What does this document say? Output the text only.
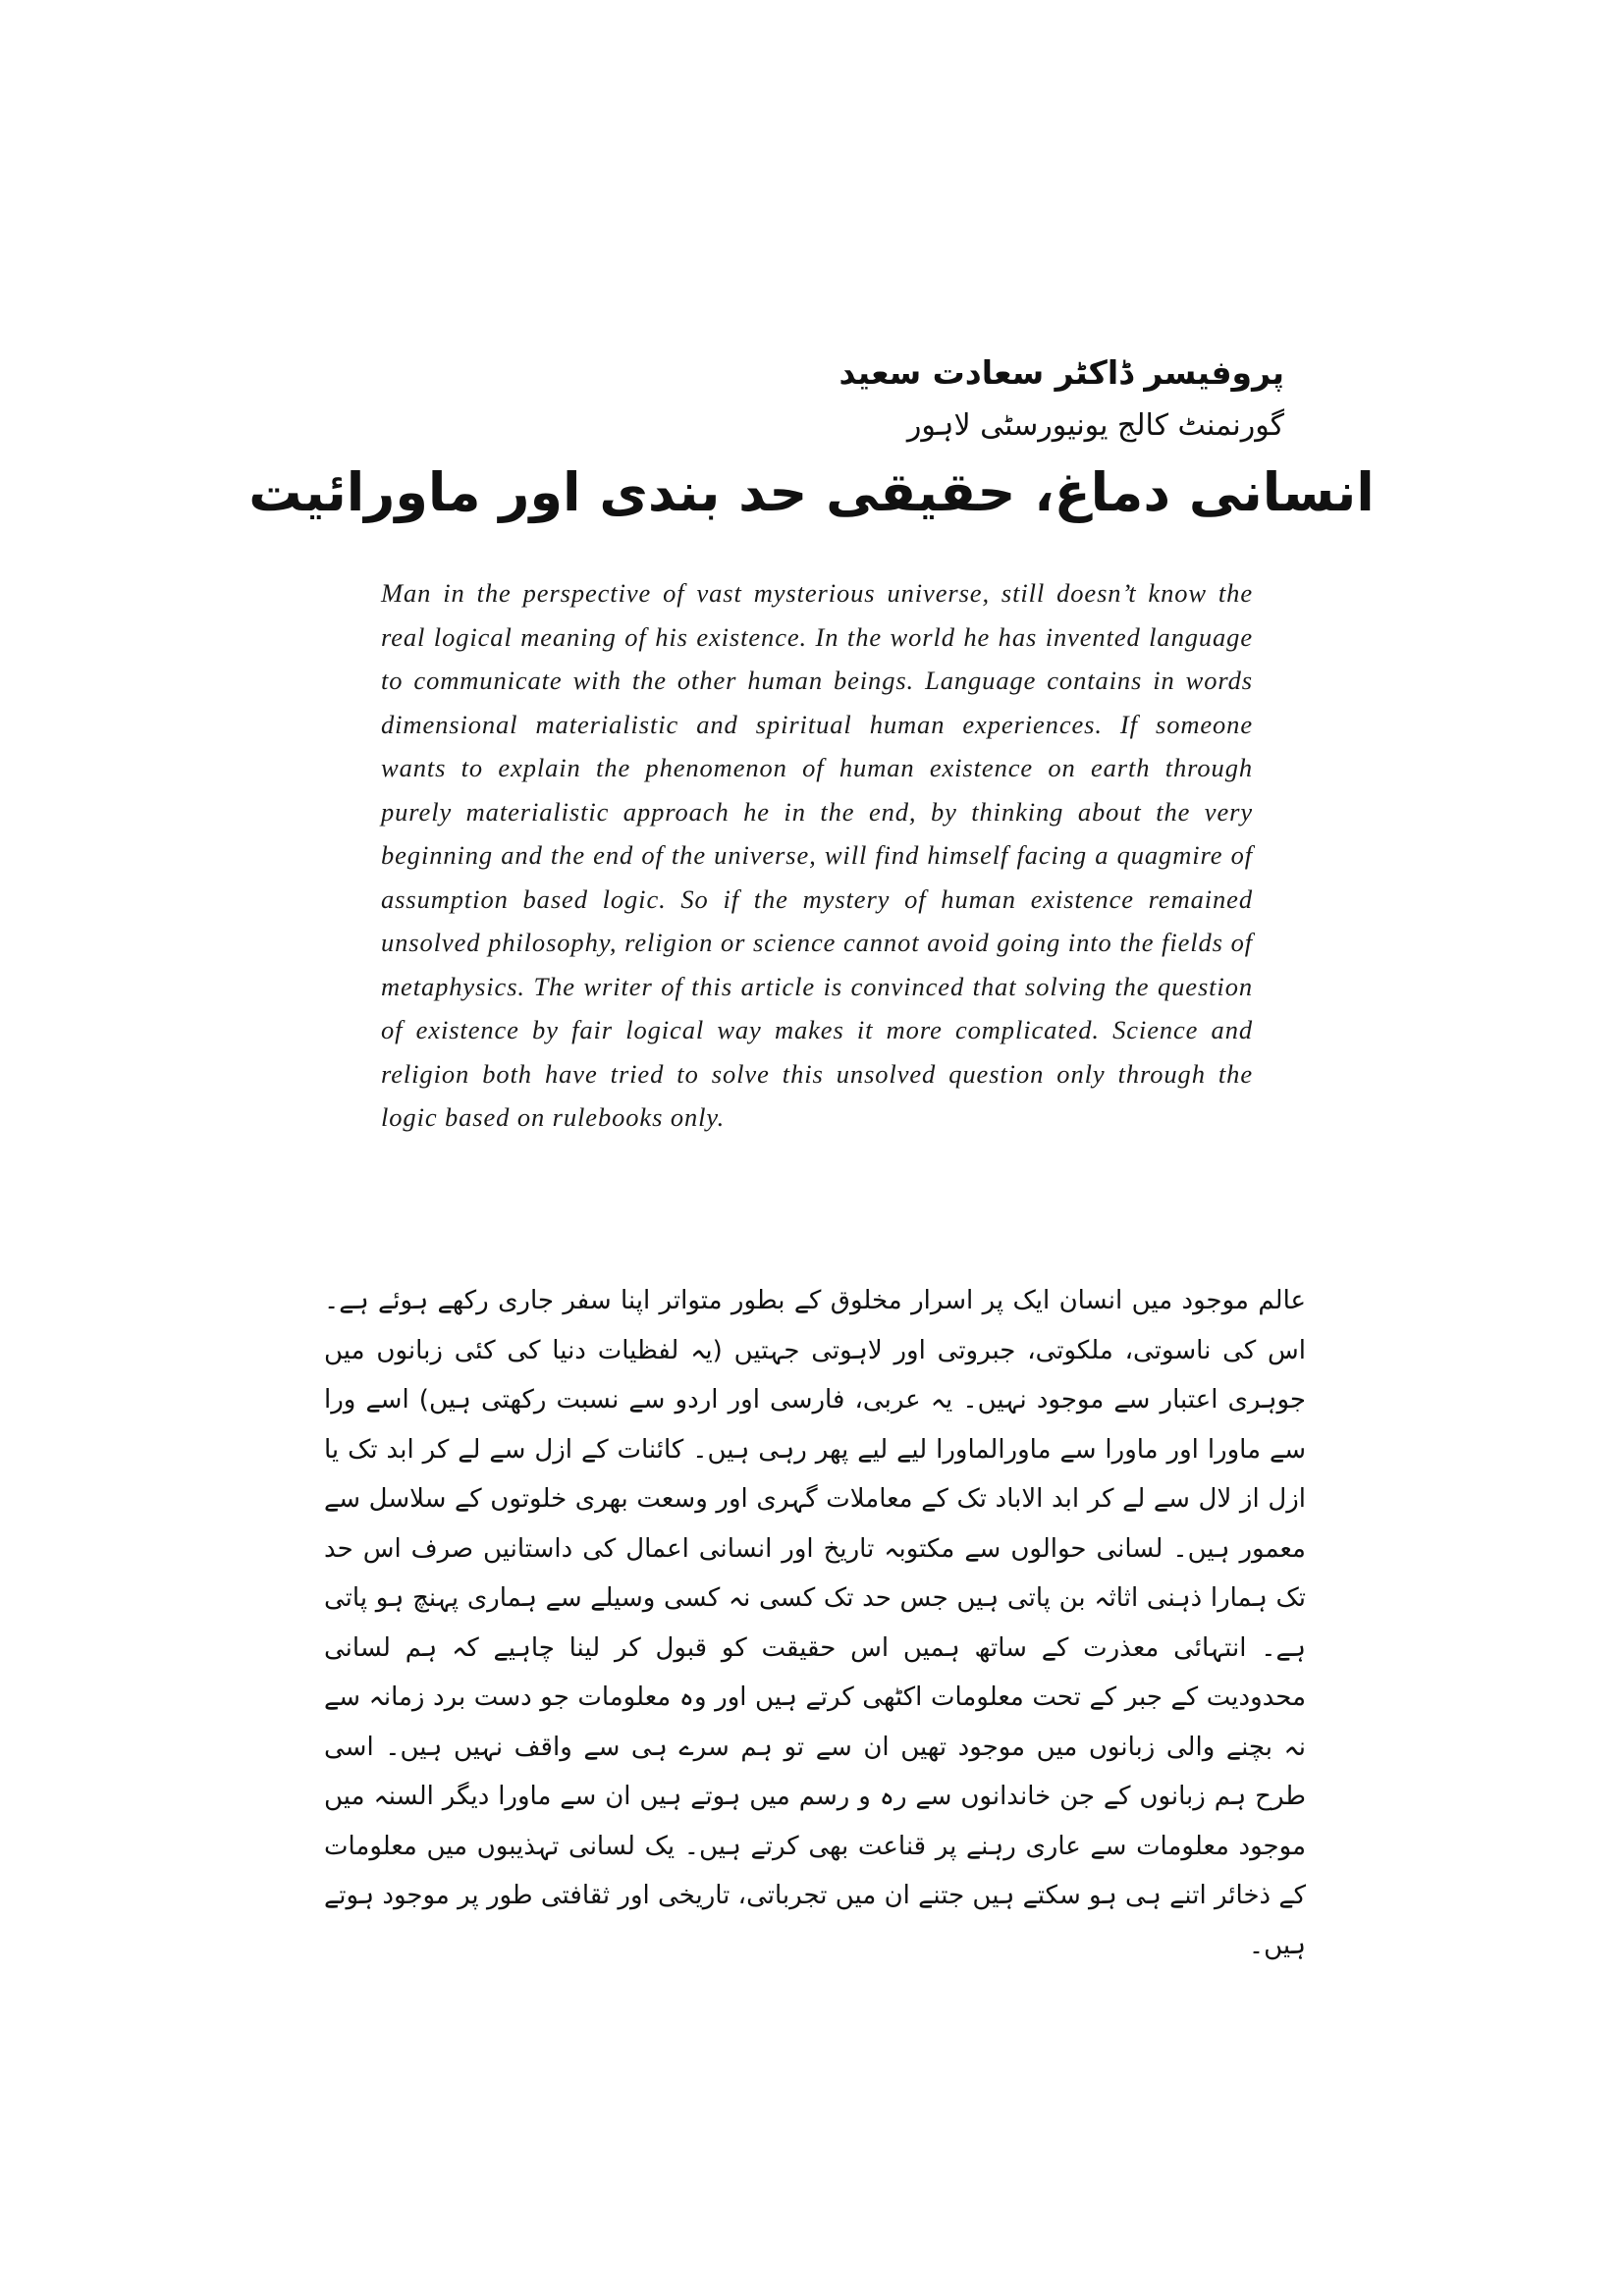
پروفیسر ڈاکٹر سعادت سعید

گورنمنٹ کالج یونیورسٹی لاہور

انسانی دماغ، حقیقی حد بندی اور ماورائیت

Man in the perspective of vast mysterious universe, still doesn’t know the real logical meaning of his existence. In the world he has invented language to communicate with the other human beings. Language contains in words dimensional materialistic and spiritual human experiences. If someone wants to explain the phenomenon of human existence on earth through purely materialistic approach he in the end, by thinking about the very beginning and the end of the universe, will find himself facing a quagmire of assumption based logic. So if the mystery of human existence remained unsolved philosophy, religion or science cannot avoid going into the fields of metaphysics. The writer of this article is convinced that solving the question of existence by fair logical way makes it more complicated. Science and religion both have tried to solve this unsolved question only through the logic based on rulebooks only.

عالم موجود میں انسان ایک پر اسرار مخلوق کے بطور متواتر اپنا سفر جاری رکھے ہوئے ہے۔ اس کی ناسوتی، ملکوتی، جبروتی اور لاہوتی جہتیں (یہ لفظیات دنیا کی کئی زبانوں میں جوہری اعتبار سے موجود نہیں۔ یہ عربی، فارسی اور اردو سے نسبت رکھتی ہیں) اسے ورا سے ماورا اور ماورا سے ماورالماورا لیے لیے پھر رہی ہیں۔ کائنات کے ازل سے لے کر ابد تک یا ازل از لال سے لے کر ابد الاباد تک کے معاملات گہری اور وسعت بھری خلوتوں کے سلاسل سے معمور ہیں۔ لسانی حوالوں سے مکتوبہ تاریخ اور انسانی اعمال کی داستانیں صرف اس حد تک ہمارا ذہنی اثاثہ بن پاتی ہیں جس حد تک کسی نہ کسی وسیلے سے ہماری پہنچ ہو پاتی ہے۔ انتہائی معذرت کے ساتھ ہمیں اس حقیقت کو قبول کر لینا چاہیے کہ ہم لسانی محدودیت کے جبر کے تحت معلومات اکٹھی کرتے ہیں اور وہ معلومات جو دست برد زمانہ سے نہ بچنے والی زبانوں میں موجود تھیں ان سے تو ہم سرے ہی سے واقف نہیں ہیں۔ اسی طرح ہم زبانوں کے جن خاندانوں سے رہ و رسم میں ہوتے ہیں ان سے ماورا دیگر السنہ میں موجود معلومات سے عاری رہنے پر قناعت بھی کرتے ہیں۔ یک لسانی تہذیبوں میں معلومات کے ذخائر اتنے ہی ہو سکتے ہیں جتنے ان میں تجرباتی، تاریخی اور ثقافتی طور پر موجود ہوتے ہیں۔
